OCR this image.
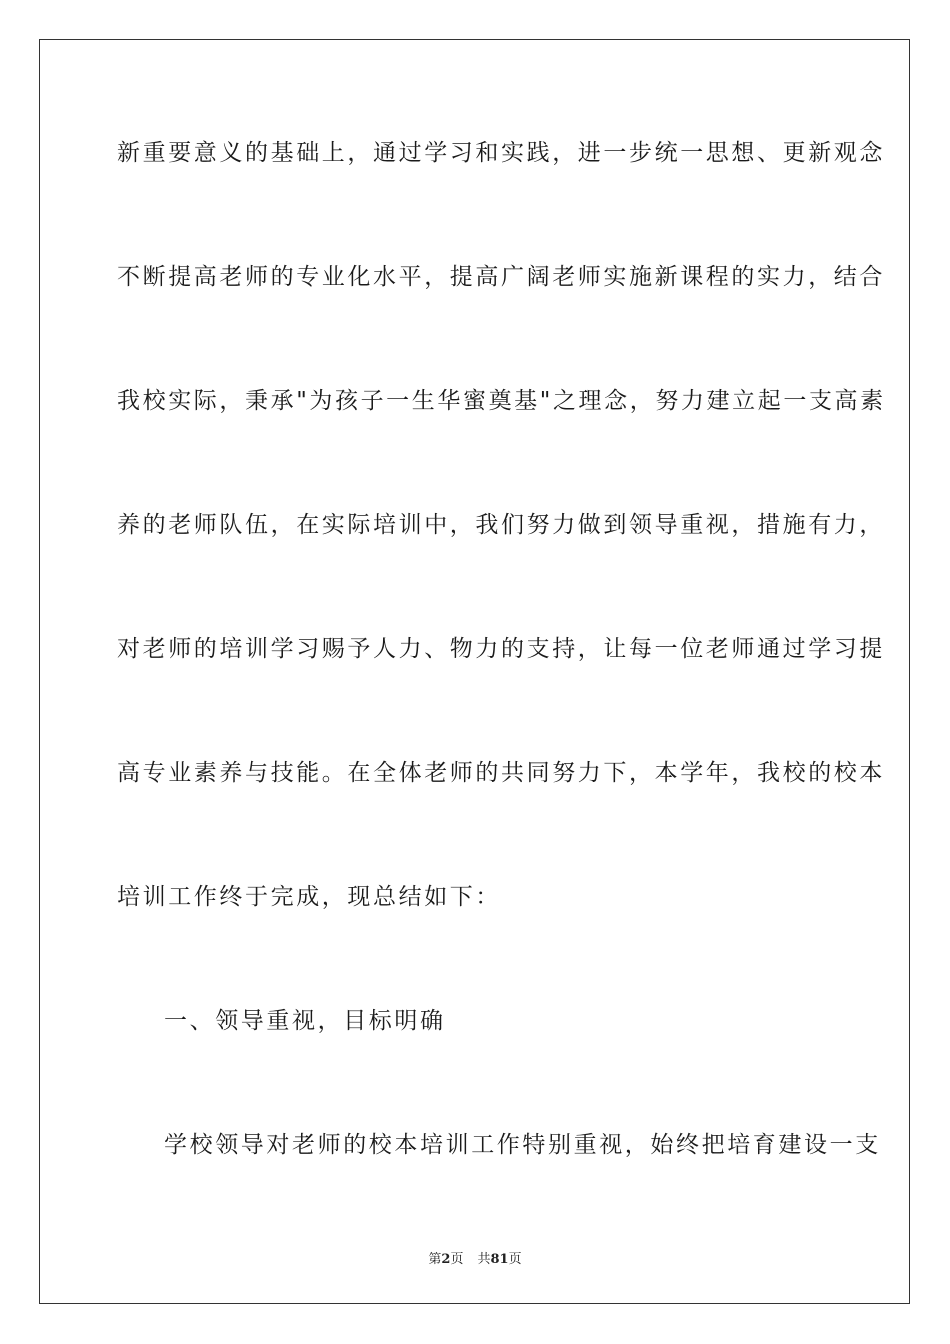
新重要意义的基础上，通过学习和实践，进一步统一思想、更新观念
不断提高老师的专业化水平，提高广阔老师实施新课程的实力，结合
我校实际，秉承"为孩子一生华蜜奠基"之理念，努力建立起一支高素
养的老师队伍，在实际培训中，我们努力做到领导重视，措施有力，
对老师的培训学习赐予人力、物力的支持，让每一位老师通过学习提
高专业素养与技能。在全体老师的共同努力下，本学年，我校的校本
培训工作终于完成，现总结如下：
一、领导重视，目标明确
学校领导对老师的校本培训工作特别重视，始终把培育建设一支
第2页 共81页
